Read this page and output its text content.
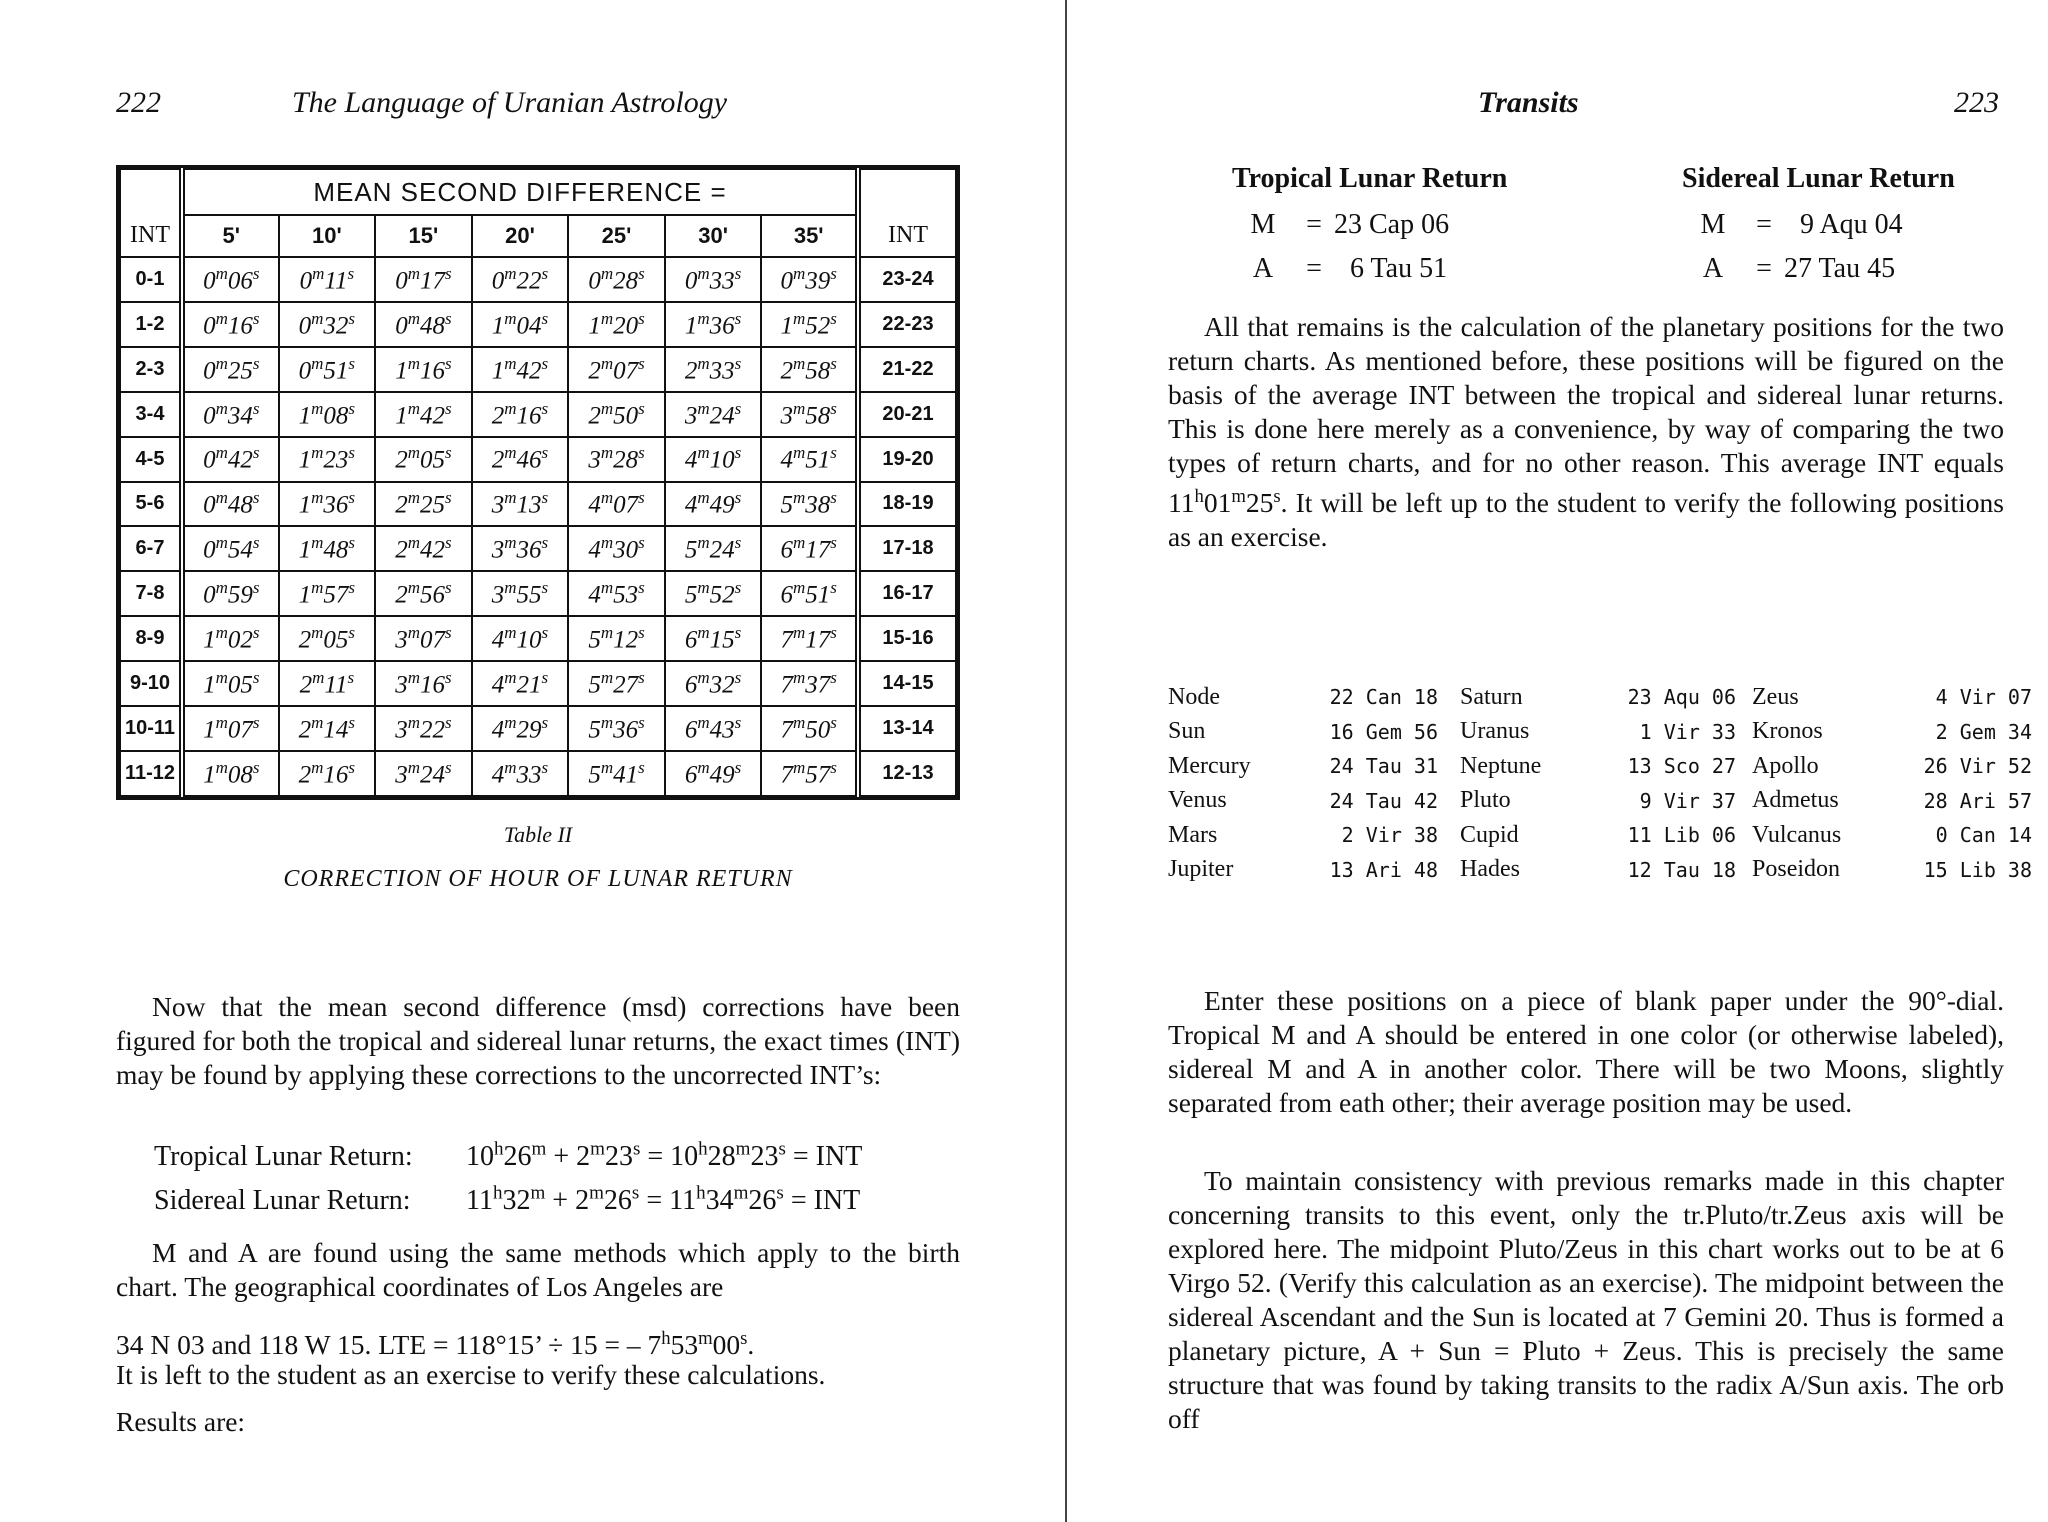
222	The Language of Uranian Astrology
	MEAN SECOND DIFFERENCE =							
INT	5'	10'	15'	20'	25'	30'	35'	INT
0-1	0$^m$06$^s$	0$^m$11$^s$	0$^m$17$^s$	0$^m$22$^s$	0$^m$28$^s$	0$^m$33$^s$	0$^m$39$^s$	23-24
1-2	0$^m$16$^s$	0$^m$32$^s$	0$^m$48$^s$	1$^m$04$^s$	1$^m$20$^s$	1$^m$36$^s$	1$^m$52$^s$	22-23
2-3	0$^m$25$^s$	0$^m$51$^s$	1$^m$16$^s$	1$^m$42$^s$	2$^m$07$^s$	2$^m$33$^s$	2$^m$58$^s$	21-22
3-4	0$^m$34$^s$	1$^m$08$^s$	1$^m$42$^s$	2$^m$16$^s$	2$^m$50$^s$	3$^m$24$^s$	3$^m$58$^s$	20-21
4-5	0$^m$42$^s$	1$^m$23$^s$	2$^m$05$^s$	2$^m$46$^s$	3$^m$28$^s$	4$^m$10$^s$	4$^m$51$^s$	19-20
5-6	0$^m$48$^s$	1$^m$36$^s$	2$^m$25$^s$	3$^m$13$^s$	4$^m$07$^s$	4$^m$49$^s$	5$^m$38$^s$	18-19
6-7	0$^m$54$^s$	1$^m$48$^s$	2$^m$42$^s$	3$^m$36$^s$	4$^m$30$^s$	5$^m$24$^s$	6$^m$17$^s$	17-18
7-8	0$^m$59$^s$	1$^m$57$^s$	2$^m$56$^s$	3$^m$55$^s$	4$^m$53$^s$	5$^m$52$^s$	6$^m$51$^s$	16-17
8-9	1$^m$02$^s$	2$^m$05$^s$	3$^m$07$^s$	4$^m$10$^s$	5$^m$12$^s$	6$^m$15$^s$	7$^m$17$^s$	15-16
9-10	1$^m$05$^s$	2$^m$11$^s$	3$^m$16$^s$	4$^m$21$^s$	5$^m$27$^s$	6$^m$32$^s$	7$^m$37$^s$	14-15
10-11	1$^m$07$^s$	2$^m$14$^s$	3$^m$22$^s$	4$^m$29$^s$	5$^m$36$^s$	6$^m$43$^s$	7$^m$50$^s$	13-14
11-12	1$^m$08$^s$	2$^m$16$^s$	3$^m$24$^s$	4$^m$33$^s$	5$^m$41$^s$	6$^m$49$^s$	7$^m$57$^s$	12-13
Table II
CORRECTION OF HOUR OF LUNAR RETURN

Now that the mean second difference (msd) corrections have been figured for both the tropical and sidereal lunar returns, the exact times (INT) may be found by applying these corrections to the uncorrected INT’s:

Tropical Lunar Return: $10^h26^m + 2^m23^s = 10^h28^m23^s$ = INT
Sidereal Lunar Return: $11^h32^m + 2^m26^s = 11^h34^m26^s$ = INT

M and A are found using the same methods which apply to the birth chart. The geographical coordinates of Los Angeles are

34 N 03 and 118 W 15. LTE = 118°15’ ÷ 15 = – 7$^h$53$^m$00$^s$.

It is left to the student as an exercise to verify these calculations.

Results are:

Transits	223
Tropical Lunar Return
M	= 23 Cap 06
A	=	6 Tau 51
Sidereal Lunar Return
M	=	9 Aqu 04
A	= 27 Tau 45

All that remains is the calculation of the planetary positions for the two return charts. As mentioned before, these positions will be figured on the basis of the average INT between the tropical and sidereal lunar returns. This is done here merely as a convenience, by way of comparing the two types of return charts, and for no other reason. This average INT equals 11$^h$01$^m$25$^s$. It will be left up to the student to verify the following positions as an exercise.

Node	22 Can 18		Saturn	23 Aqu 06		Zeus	4 Vir 07
Sun	16 Gem 56		Uranus	1 Vir 33		Kronos	2 Gem 34
Mercury	24 Tau 31		Neptune	13 Sco 27		Apollo	26 Vir 52
Venus	24 Tau 42		Pluto	9 Vir 37		Admetus	28 Ari 57
Mars	2 Vir 38		Cupid	11 Lib 06		Vulcanus	0 Can 14
Jupiter	13 Ari 48		Hades	12 Tau 18		Poseidon	15 Lib 38

Enter these positions on a piece of blank paper under the 90°-dial. Tropical M and A should be entered in one color (or otherwise labeled), sidereal M and A in another color. There will be two Moons, slightly separated from eath other; their average position may be used.

To maintain consistency with previous remarks made in this chapter concerning transits to this event, only the tr.Pluto/tr.Zeus axis will be explored here. The midpoint Pluto/Zeus in this chart works out to be at 6 Virgo 52. (Verify this calculation as an exercise). The midpoint between the sidereal Ascendant and the Sun is located at 7 Gemini 20. Thus is formed a planetary picture, A + Sun = Pluto + Zeus. This is precisely the same structure that was found by taking transits to the radix A/Sun axis. The orb off
